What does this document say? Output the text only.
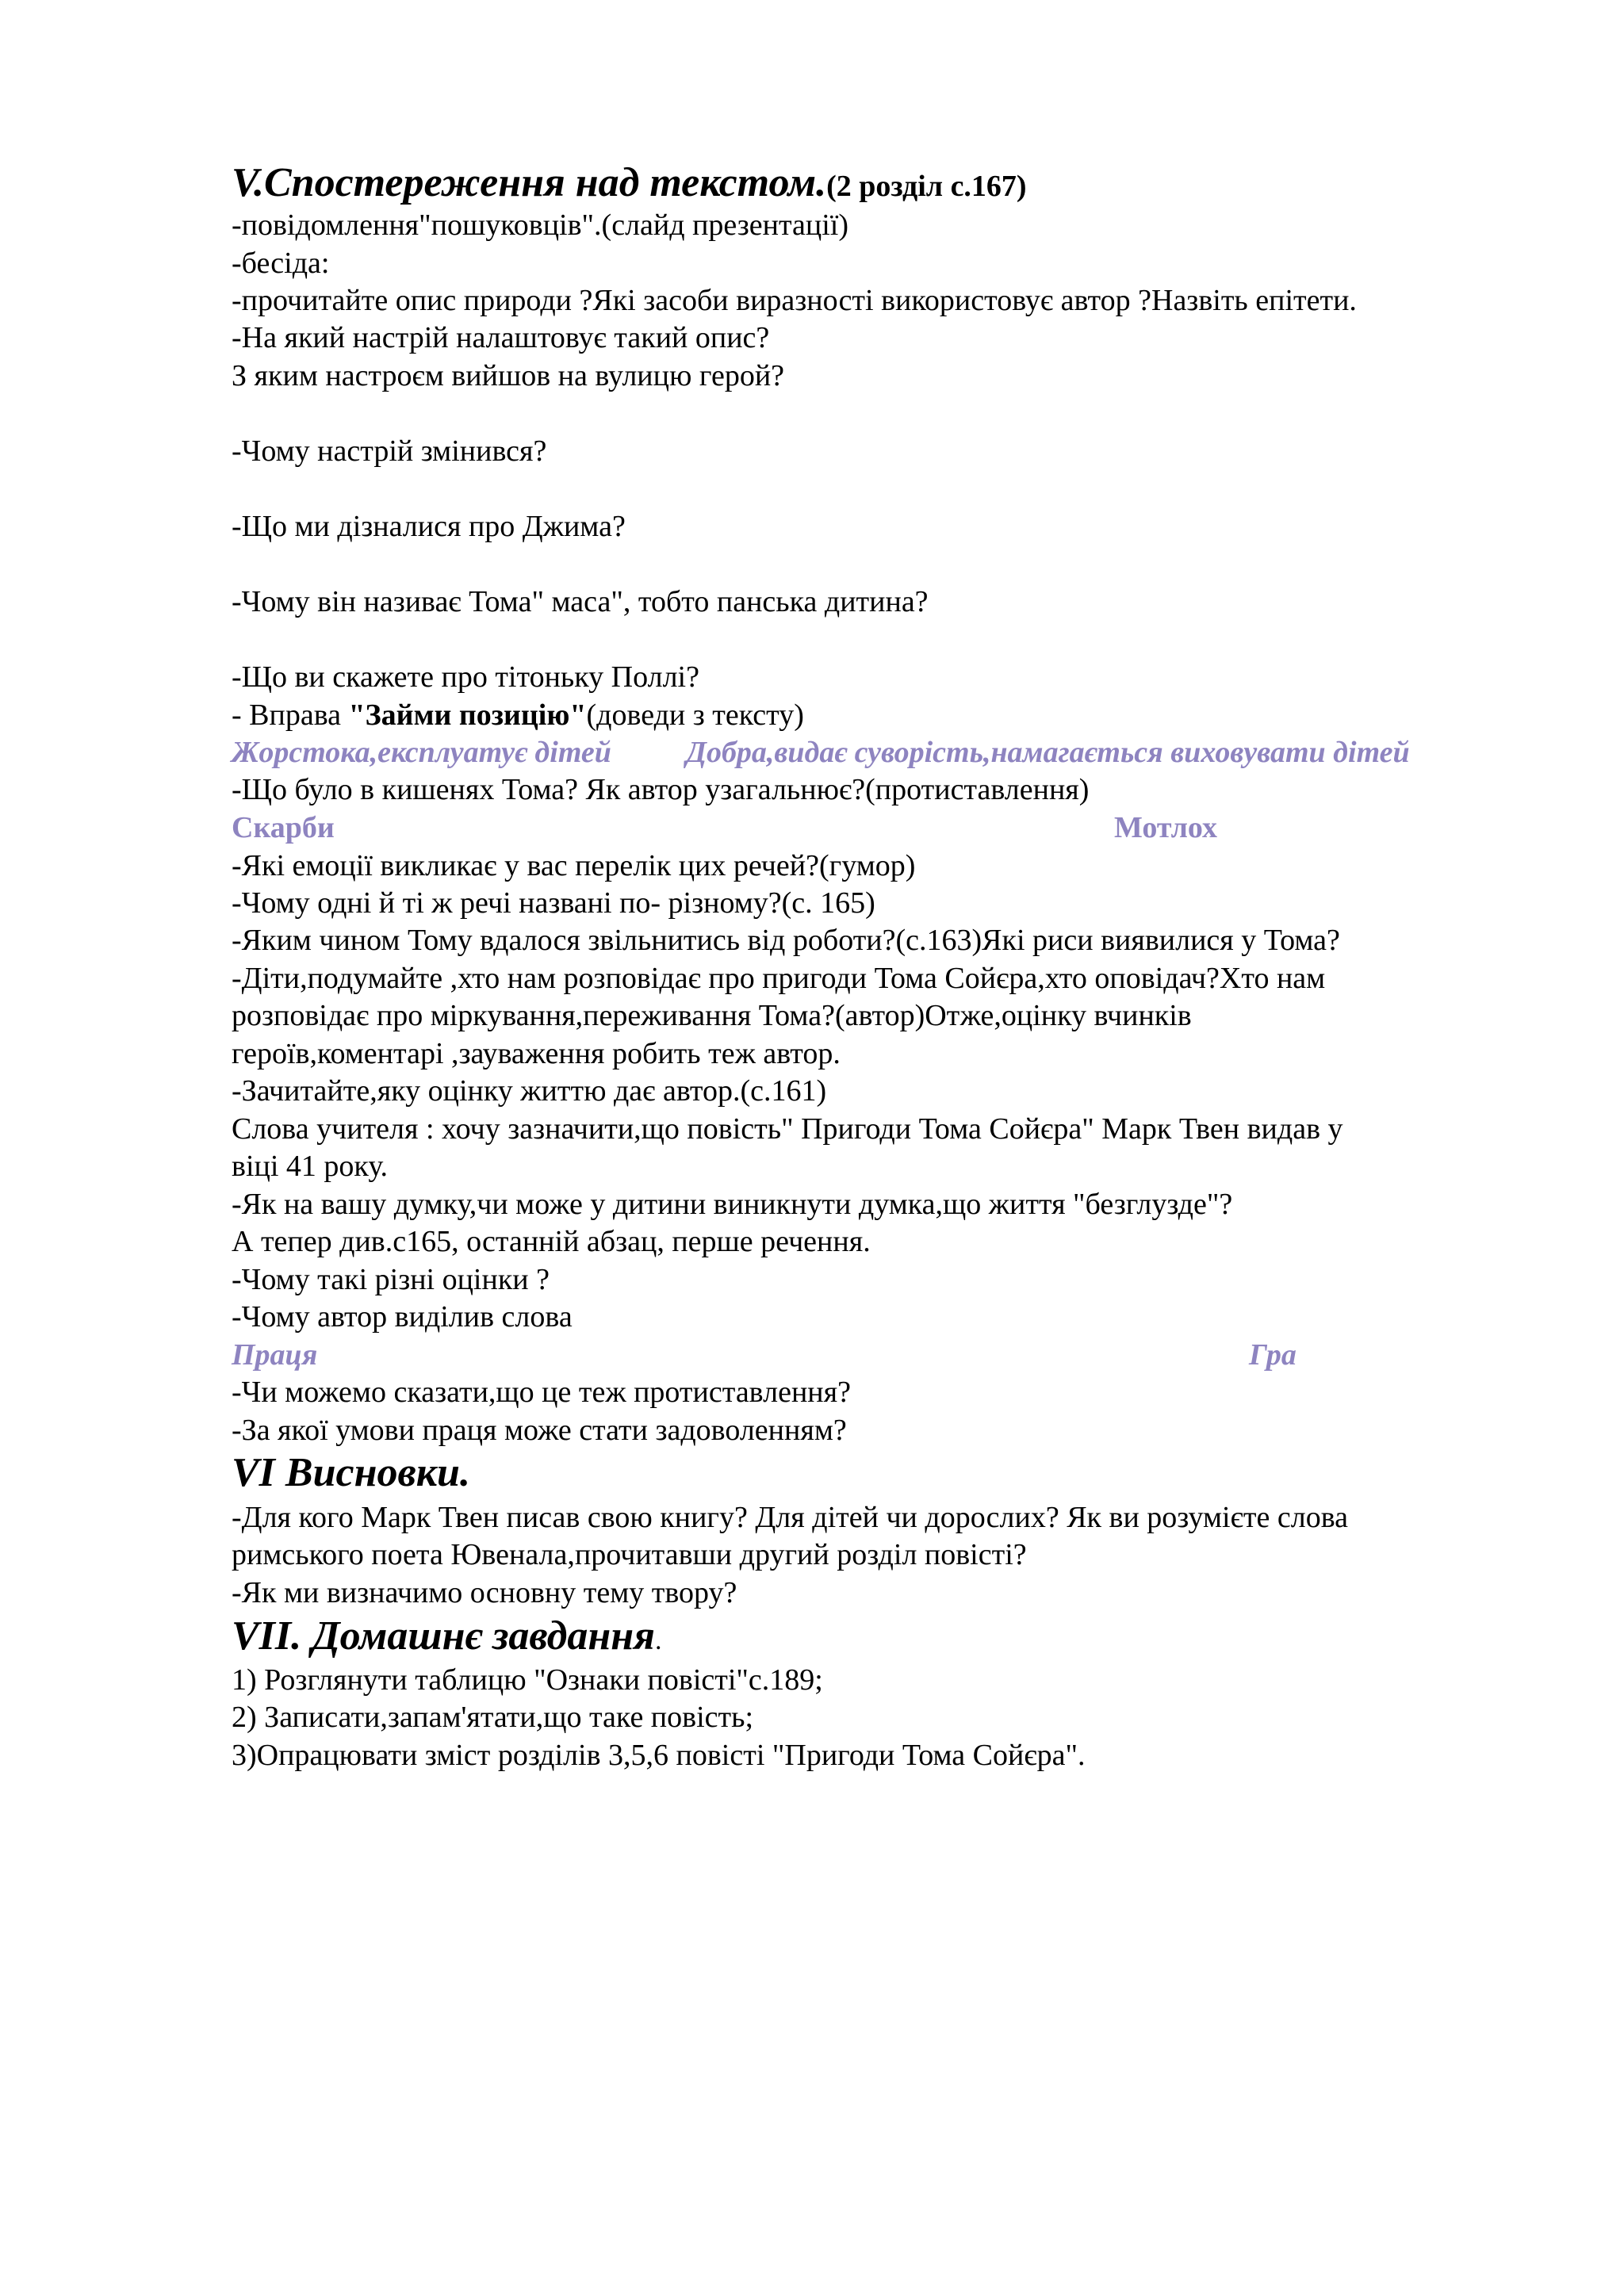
V.Спостереження над текстом.(2 розділ с.167)
-повідомлення"пошуковців".(слайд презентації)
-бесіда:
-прочитайте опис природи ?Які засоби виразності використовує автор ?Назвіть епітети.
-На який настрій налаштовує такий опис?
З яким настроєм вийшов на вулицю герой?
-Чому настрій змінився?
-Що ми дізналися про Джима?
-Чому він називає Тома" маса", тобто панська дитина?
-Що ви скажете про тітоньку Поллі?
- Вправа "Займи позицію"(доведи з тексту)
Жорстока,експлуатує дітей Добра,видає суворість,намагається виховувати дітей
-Що було в кишенях Тома? Як автор узагальнює?(протиставлення)
Скарби	Мотлох
-Які емоції викликає у вас перелік цих речей?(гумор)
-Чому одні й ті ж речі названі по- різному?(с. 165)
-Яким чином Тому вдалося звільнитись від роботи?(с.163)Які риси виявилися у Тома?
-Діти,подумайте ,хто нам розповідає про пригоди Тома Сойєра,хто оповідач?Хто нам
розповідає про міркування,переживання Тома?(автор)Отже,оцінку вчинків
героїв,коментарі ,зауваження робить теж автор.
-Зачитайте,яку оцінку життю дає автор.(с.161)
Слова учителя : хочу зазначити,що повість" Пригоди Тома Сойєра" Марк Твен видав у
віці 41 року.
-Як на вашу думку,чи може у дитини виникнути думка,що життя "безглузде"?
А тепер див.с165, останній абзац, перше речення.
-Чому такі різні оцінки ?
-Чому автор виділив слова
Праця	Гра
-Чи можемо сказати,що це теж протиставлення?
-За якої умови праця може стати задоволенням?
VI Висновки.
-Для кого Марк Твен писав свою книгу? Для дітей чи дорослих? Як ви розумієте слова
римського поета Ювенала,прочитавши другий розділ повісті?
-Як ми визначимо основну тему твору?
VII. Домашнє завдання.
1) Розглянути таблицю "Ознаки повісті"с.189;
2) Записати,запам'ятати,що таке повість;
3)Опрацювати зміст розділів 3,5,6 повісті "Пригоди Тома Сойєра".
